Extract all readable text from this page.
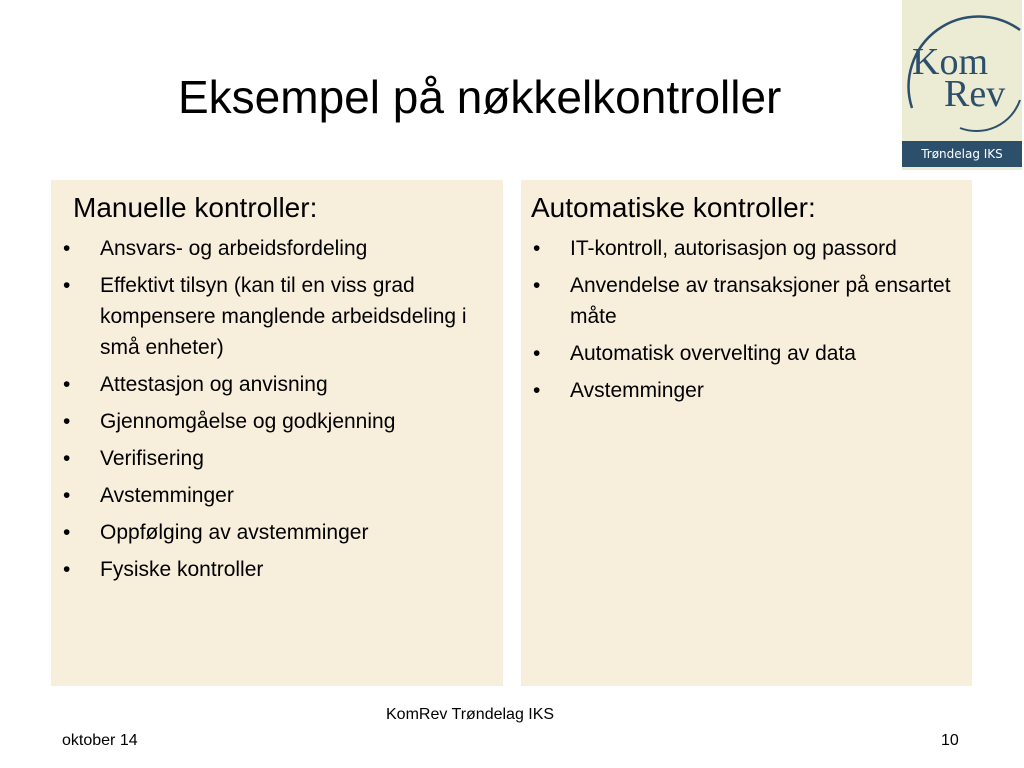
Eksempel på nøkkelkontroller
Kom
Rev
Trøndelag IKS
Manuelle kontroller:
• Ansvars- og arbeidsfordeling
• Effektivt tilsyn (kan til en viss grad kompensere manglende arbeidsdeling i små enheter)
• Attestasjon og anvisning
• Gjennomgåelse og godkjenning
• Verifisering
• Avstemminger
• Oppfølging av avstemminger
• Fysiske kontroller
Automatiske kontroller:
• IT-kontroll, autorisasjon og passord
• Anvendelse av transaksjoner på ensartet måte
• Automatisk overvelting av data
• Avstemminger
KomRev Trøndelag IKS
oktober 14	10
